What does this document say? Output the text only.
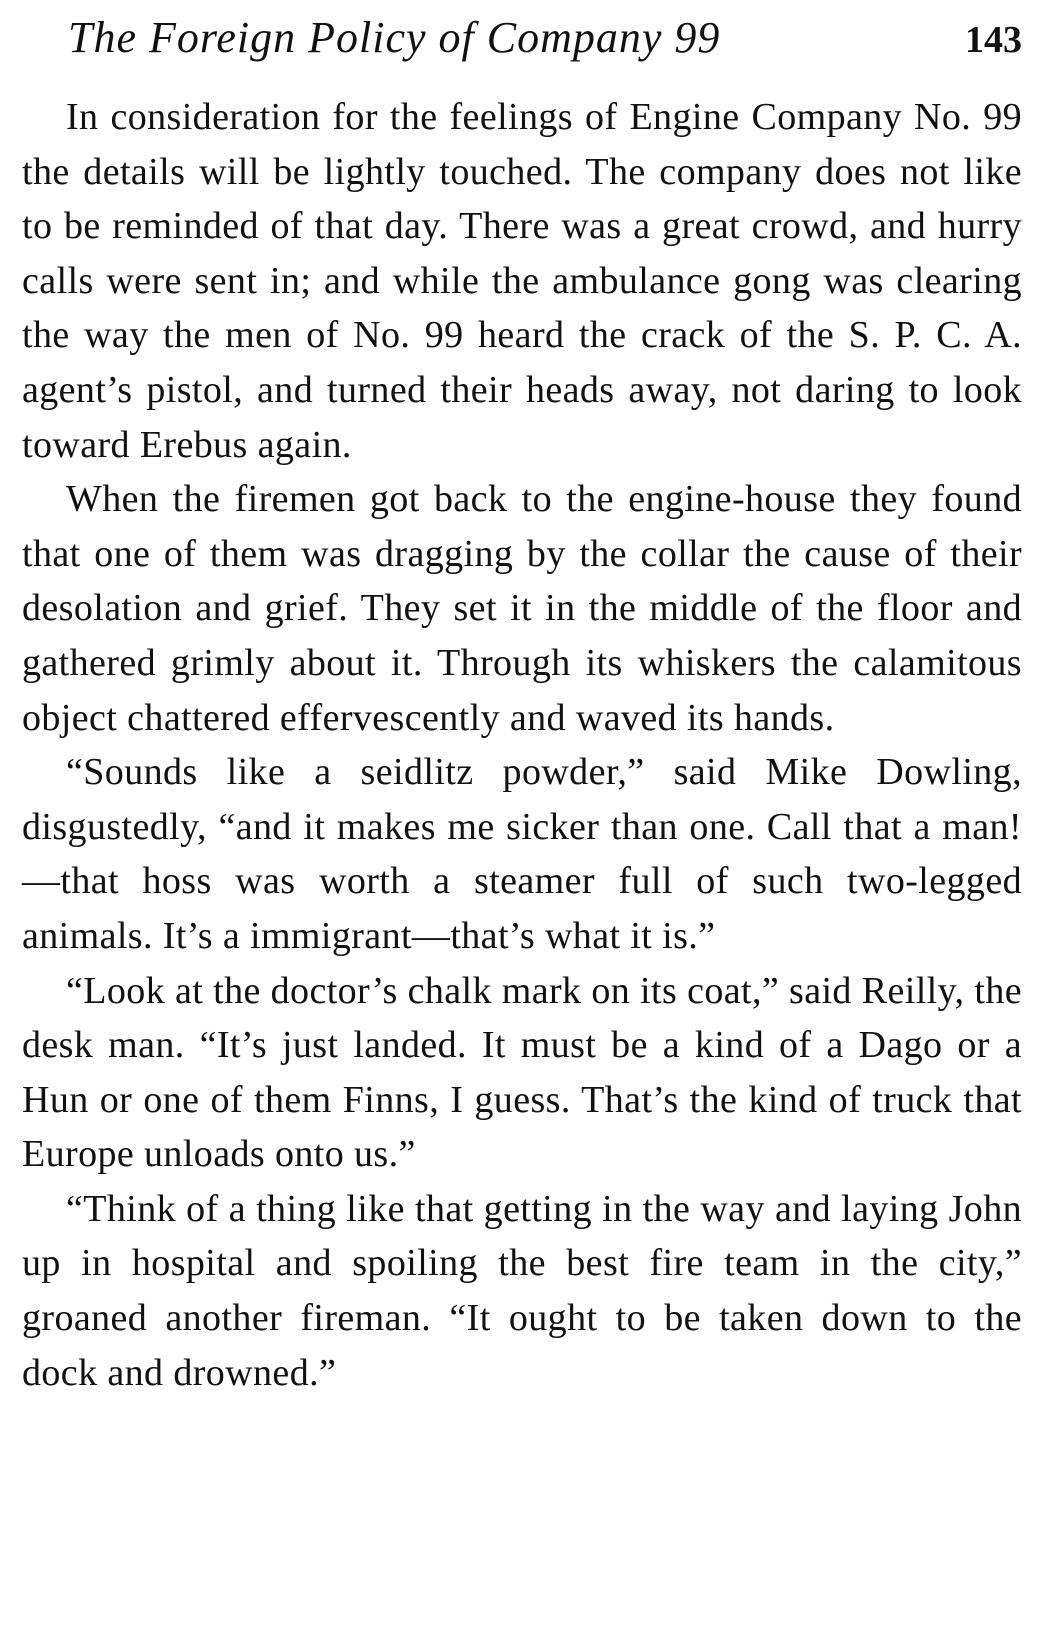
The Foreign Policy of Company 99	143

In consideration for the feelings of Engine Company No. 99 the details will be lightly touched. The company does not like to be reminded of that day. There was a great crowd, and hurry calls were sent in; and while the ambulance gong was clearing the way the men of No. 99 heard the crack of the S. P. C. A. agent’s pistol, and turned their heads away, not daring to look toward Erebus again.

When the firemen got back to the engine-house they found that one of them was dragging by the collar the cause of their desolation and grief. They set it in the middle of the floor and gathered grimly about it. Through its whiskers the calamitous object chattered effervescently and waved its hands.

“Sounds like a seidlitz powder,” said Mike Dowling, disgustedly, “and it makes me sicker than one. Call that a man!—that hoss was worth a steamer full of such two-legged animals. It’s a immigrant—that’s what it is.”

“Look at the doctor’s chalk mark on its coat,” said Reilly, the desk man. “It’s just landed. It must be a kind of a Dago or a Hun or one of them Finns, I guess. That’s the kind of truck that Europe unloads onto us.”

“Think of a thing like that getting in the way and laying John up in hospital and spoiling the best fire team in the city,” groaned another fireman. “It ought to be taken down to the dock and drowned.”
